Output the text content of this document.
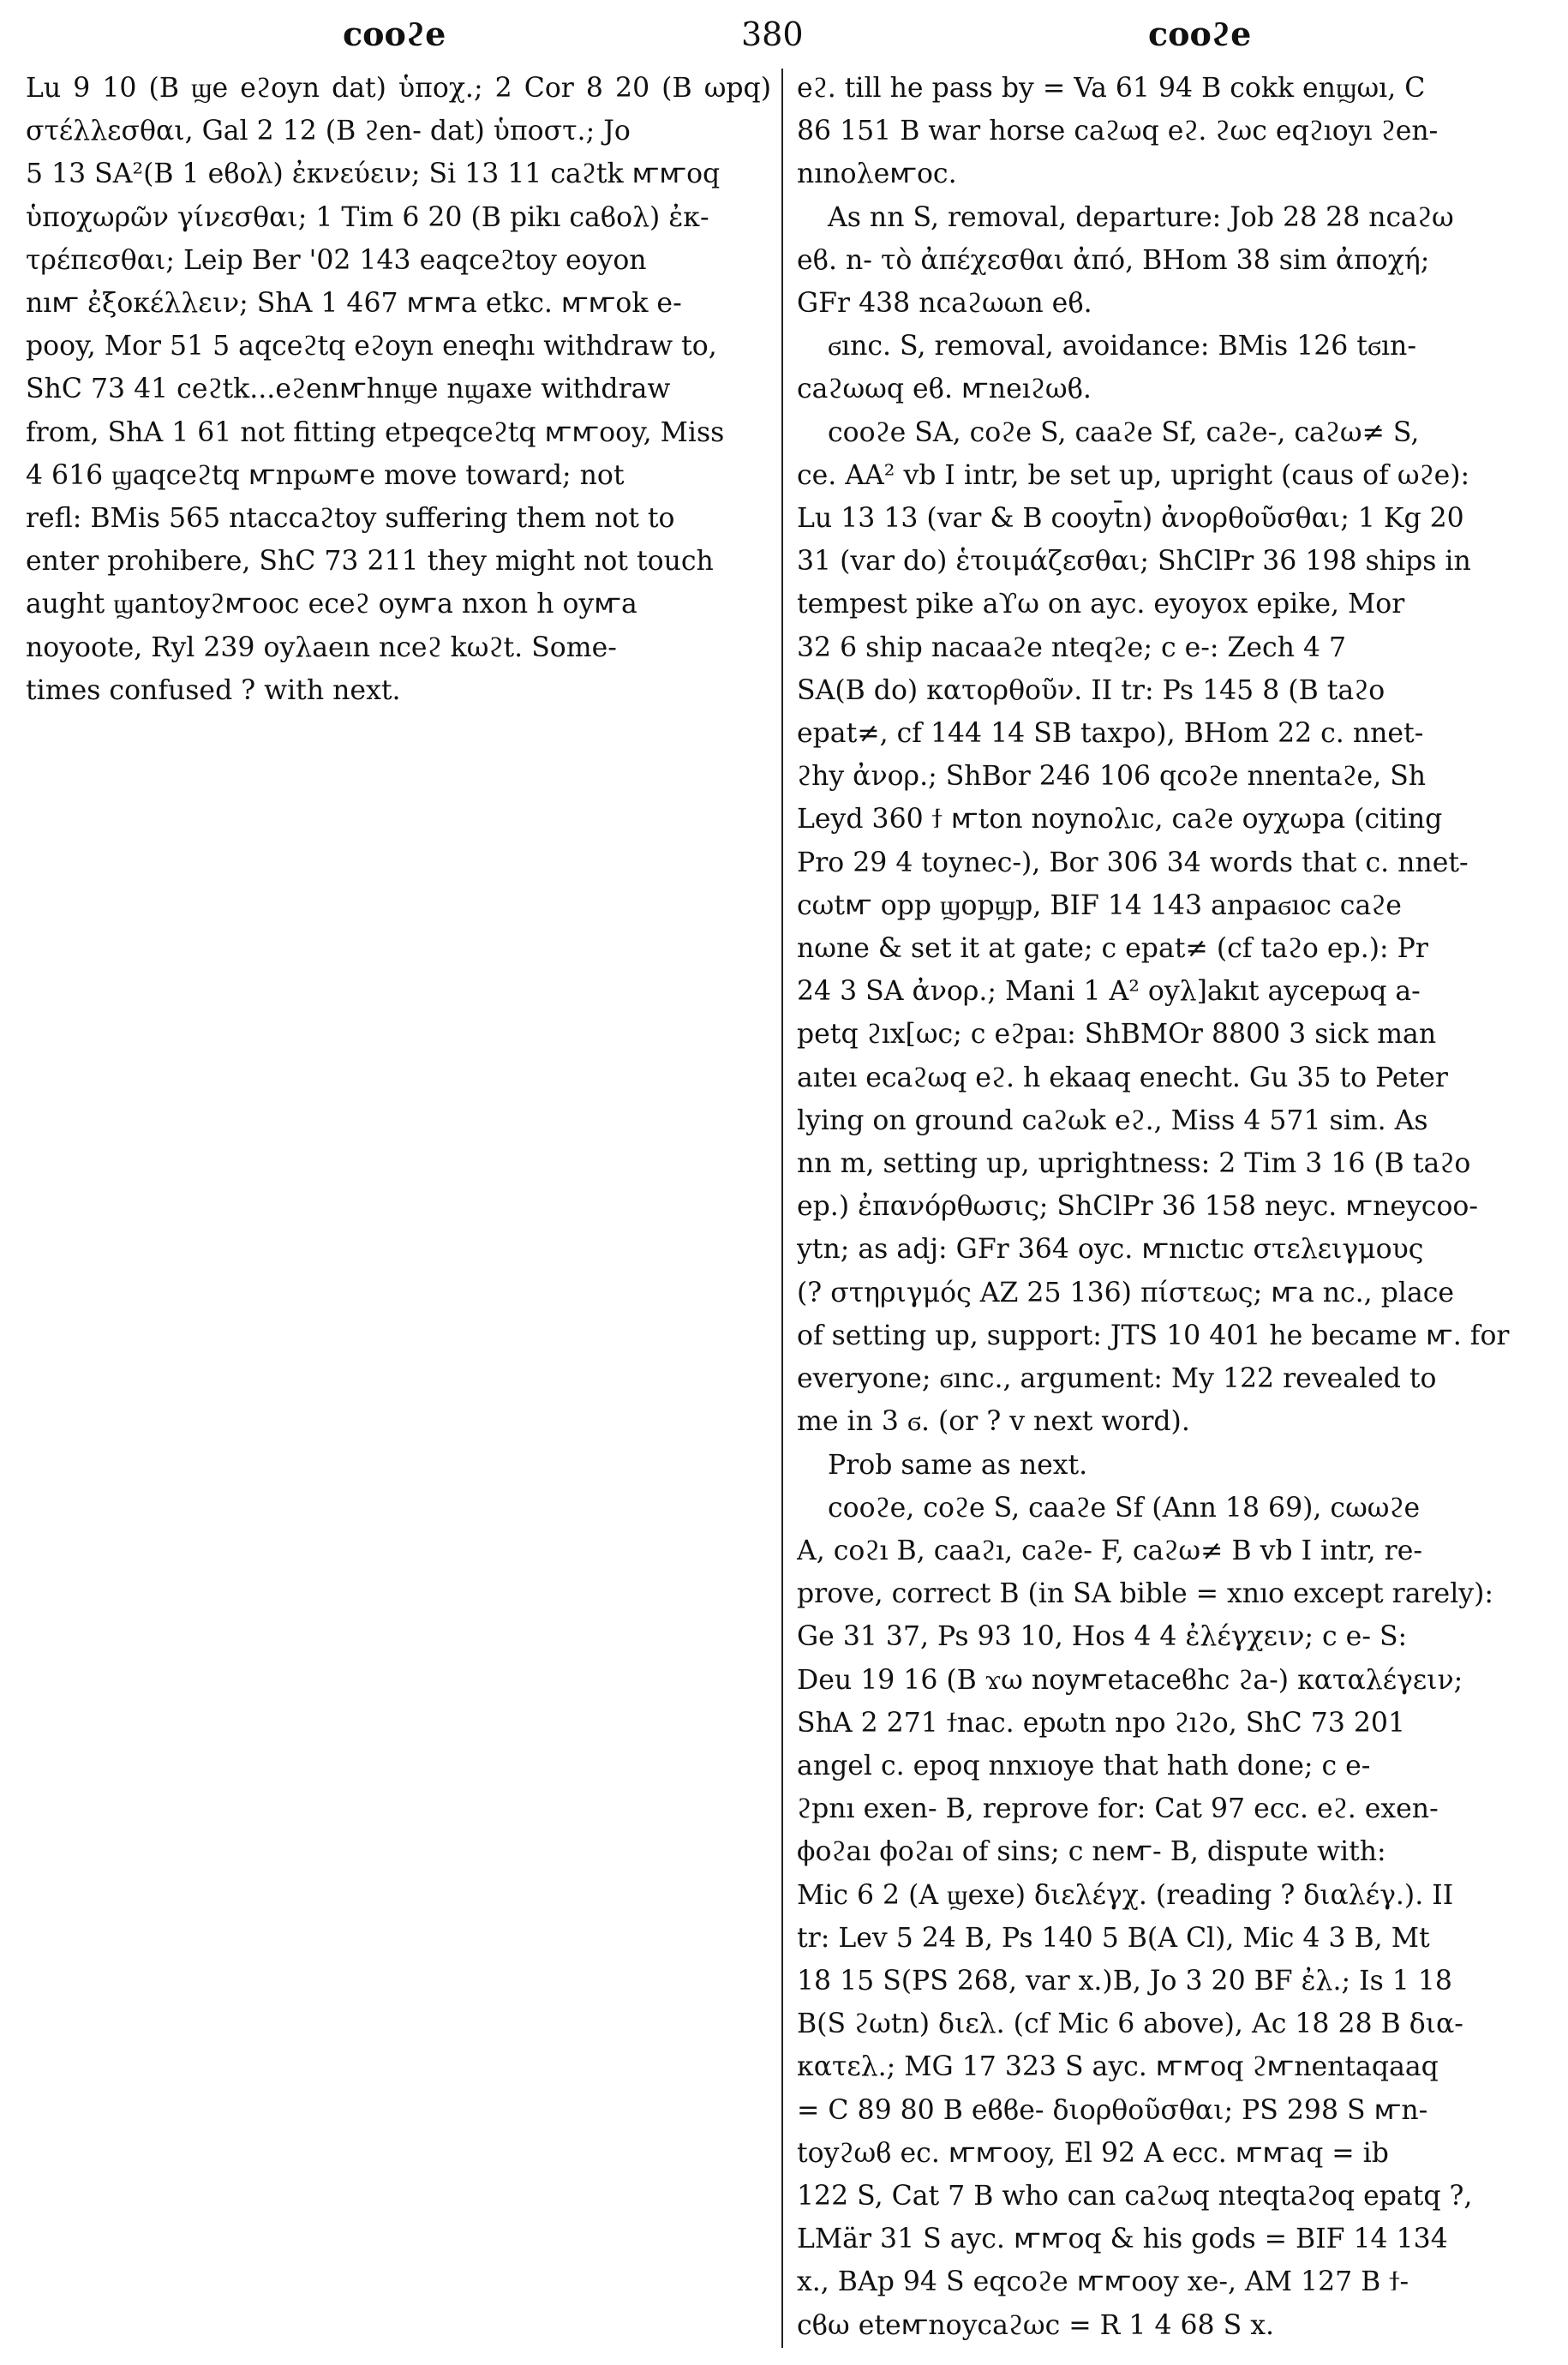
cooϩe	380	cooϩe

Lu 9 10 (B ϣe eϩoyn dat) ὑποχ.; 2 Cor 8 20 (B ωpq) στέλλεσθαι, Gal 2 12 (B ϩen- dat) ὑποστ.; Jo
5 13 SA²(B 1 eϐoλ) ἐκνεύειν; Si 13 11 caϩtk ꙧꙧoq
ὑποχωρῶν γίνεσθαι; 1 Tim 6 20 (B pikı caϐoλ) ἐκ-
τρέπεσθαι; Leip Ber '02 143 eaqceϩtoy eoyon
nıꙧ ἐξοκέλλειν; ShA 1 467 ꙧꙧa etkc. ꙧꙧok e-
pooy, Mor 51 5 aqceϩtq eϩoyn eneqhı withdraw to,
ShC 73 41 ceϩtk...eϩenꙧhnϣe nϣaxe withdraw
from, ShA 1 61 not fitting etpeqceϩtq ꙧꙧooy, Miss
4 616 ϣaqceϩtq ꙧnpωꙧe move toward; not
refl: BMis 565 ntaccaϩtoy suffering them not to
enter prohibere, ShC 73 211 they might not touch
aught ϣantoyϩꙧooc eceϩ oyꙧa nxon h oyꙧa
noyoote, Ryl 239 oyλaeın nceϩ kωϩt. Some-
times confused ? with next.

eϩ. till he pass by = Va 61 94 B cokk enϣωı, C
86 151 B war horse caϩωq eϩ. ϩωc eqϩıoyı ϩen-
nınoλeꙧoc.

As nn S, removal, departure: Job 28 28 ncaϩω
eϐ. n- τὸ ἀπέχεσθαι ἀπό, BHom 38 sim ἀποχή;
GFr 438 ncaϩωωn eϐ.

ϭınc. S, removal, avoidance: BMis 126 tϭın-
caϩωωq eϐ. ꙧneıϩωϐ.

cooϩe SA, coϩe S, caaϩe Sf, caϩe-, caϩω≠ S,
ce. AA² vb I intr, be set up, upright (caus of ωϩe):
Lu 13 13 (var & B cooyt̄n) ἀνορθοῦσθαι; 1 Kg 20
31 (var do) ἑτοιμάζεσθαι; ShClPr 36 198 ships in
tempest pike aϒω on ayc. eyoyox epike, Mor
32 6 ship nacaaϩe nteqϩe; c e-: Zech 4 7
SA(B do) κατορθοῦν. II tr: Ps 145 8 (B taϩo
epat≠, cf 144 14 SB taxpo), BHom 22 c. nnet-
ϩhy ἀνορ.; ShBor 246 106 qcoϩe nnentaϩe, Sh
Leyd 360 ϯ ꙧton noynoλıc, caϩe oyχωpa (citing
Pro 29 4 toynec-), Bor 306 34 words that c. nnet-
cωtꙧ opp ϣopϣp, BIF 14 143 anpaϭıoc caϩe
nωne & set it at gate; c epat≠ (cf taϩo ep.): Pr
24 3 SA ἀνορ.; Mani 1 A² oyλ]akıt aycepωq a-
petq ϩıx[ωc; c eϩpaı: ShBMOr 8800 3 sick man
aıteı ecaϩωq eϩ. h ekaaq enecht. Gu 35 to Peter
lying on ground caϩωk eϩ., Miss 4 571 sim. As
nn m, setting up, uprightness: 2 Tim 3 16 (B taϩo
ep.) ἐπανόρθωσις; ShClPr 36 158 neyc. ꙧneycoo-
ytn; as adj: GFr 364 oyc. ꙧnıctıc στελειγμους
(? στηριγμός AZ 25 136) πίστεως; ꙧa nc., place
of setting up, support: JTS 10 401 he became ꙧ. for
everyone; ϭınc., argument: My 122 revealed to
me in 3 ϭ. (or ? v next word).

Prob same as next.

cooϩe, coϩe S, caaϩe Sf (Ann 18 69), cωωϩe
A, coϩı B, caaϩı, caϩe- F, caϩω≠ B vb I intr, re-
prove, correct B (in SA bible = xnıo except rarely):
Ge 31 37, Ps 93 10, Hos 4 4 ἐλέγχειν; c e- S:
Deu 19 16 (B ϫω noyꙧetaceϐhc ϩa-) καταλέγειν;
ShA 2 271 ϯnac. epωtn npo ϩıϩo, ShC 73 201
angel c. epoq nnxıoye that hath done; c e-
ϩpnı exen- B, reprove for: Cat 97 ecc. eϩ. exen-
ϕoϩaı ϕoϩaı of sins; c neꙧ- B, dispute with:
Mic 6 2 (A ϣexe) διελέγχ. (reading ? διαλέγ.). II
tr: Lev 5 24 B, Ps 140 5 B(A Cl), Mic 4 3 B, Mt
18 15 S(PS 268, var x.)B, Jo 3 20 BF ἐλ.; Is 1 18
B(S ϩωtn) διελ. (cf Mic 6 above), Ac 18 28 B δια-
κατελ.; MG 17 323 S ayc. ꙧꙧoq ϩꙧnentaqaaq
= C 89 80 B eϐϐe- διορθοῦσθαι; PS 298 S ꙧn-
toyϩωϐ ec. ꙧꙧooy, El 92 A ecc. ꙧꙧaq = ib
122 S, Cat 7 B who can caϩωq nteqtaϩoq epatq ?,
LMär 31 S ayc. ꙧꙧoq & his gods = BIF 14 134
x., BAp 94 S eqcoϩe ꙧꙧooy xe-, AM 127 B ϯ-
cϐω eteꙧnoycaϩωc = R 1 4 68 S x.
